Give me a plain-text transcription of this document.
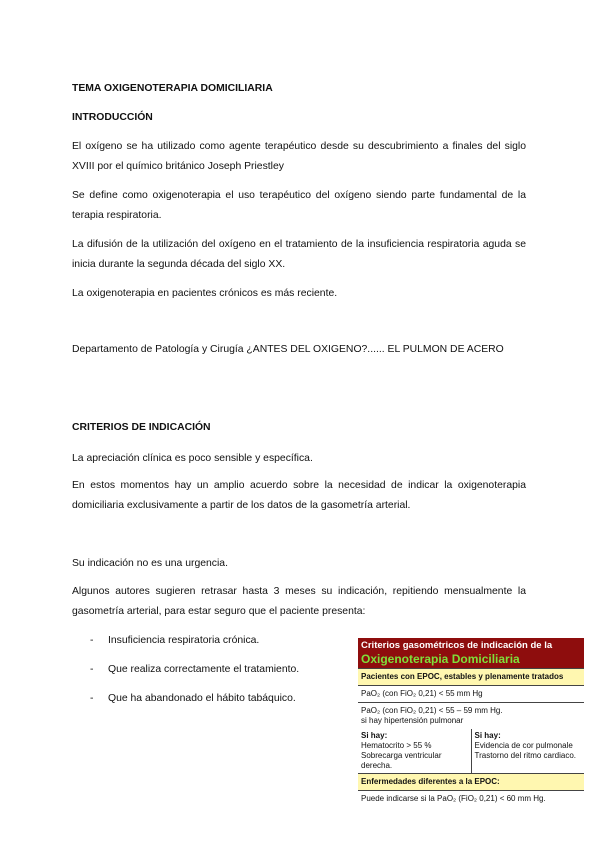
TEMA OXIGENOTERAPIA DOMICILIARIA

INTRODUCCIÓN

El oxígeno se ha utilizado como agente terapéutico desde su descubrimiento a finales del siglo XVIII por el químico británico Joseph Priestley

Se define como oxigenoterapia el uso terapéutico del oxígeno siendo parte fundamental de la terapia respiratoria.

La difusión de la utilización del oxígeno en el tratamiento de la insuficiencia respiratoria aguda se inicia durante la segunda década del siglo XX.

La oxigenoterapia en pacientes crónicos es más reciente.

Departamento de Patología y Cirugía ¿ANTES DEL OXIGENO?...... EL PULMON DE ACERO

CRITERIOS DE INDICACIÓN

La apreciación clínica es poco sensible y específica.

En estos momentos hay un amplio acuerdo sobre la necesidad de indicar la oxigenoterapia domiciliaria exclusivamente a partir de los datos de la gasometría arterial.

Su indicación no es una urgencia.

Algunos autores sugieren retrasar hasta 3 meses su indicación, repitiendo mensualmente la gasometría arterial, para estar seguro que el paciente presenta:

- Insuficiencia respiratoria crónica.
- Que realiza correctamente el tratamiento.
- Que ha abandonado el hábito tabáquico.
Criterios gasométricos de indicación de la
Oxigenoterapia Domiciliaria
Pacientes con EPOC, estables y plenamente tratados
PaO₂ (con FiO₂ 0,21) < 55 mm Hg
PaO₂ (con FiO₂ 0,21) < 55 – 59 mm Hg.
si hay hipertensión pulmonar
Si hay:
Hematocrito > 55 %
Sobrecarga ventricular derecha.
Si hay:
Evidencia de cor pulmonale
Trastorno del ritmo cardiaco.
Enfermedades diferentes a la EPOC:
Puede indicarse si la PaO₂ (FiO₂ 0,21) < 60 mm Hg.
